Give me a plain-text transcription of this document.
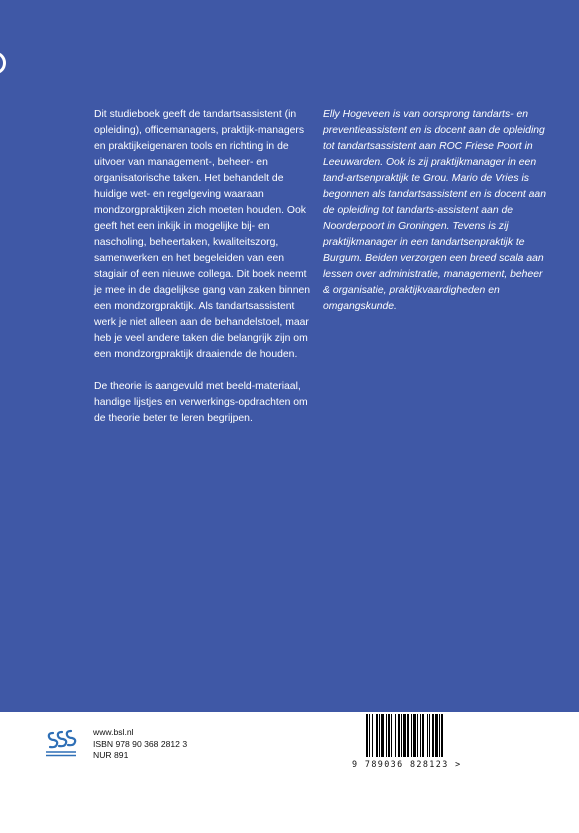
Dit studieboek geeft de tandartsassistent (in opleiding), officemanagers, praktijk-managers en praktijkeigenaren tools en richting in de uitvoer van management-, beheer- en organisatorische taken. Het behandelt de huidige wet- en regelgeving waaraan mondzorgpraktijken zich moeten houden. Ook geeft het een inkijk in mogelijke bij- en nascholing, beheertaken, kwaliteitszorg, samenwerken en het begeleiden van een stagiair of een nieuwe collega. Dit boek neemt je mee in de dagelijkse gang van zaken binnen een mondzorgpraktijk. Als tandartsassistent werk je niet alleen aan de behandelstoel, maar heb je veel andere taken die belangrijk zijn om een mondzorgpraktijk draaiende de houden.

De theorie is aangevuld met beeld-materiaal, handige lijstjes en verwerkings-opdrachten om de theorie beter te leren begrijpen.

Elly Hogeveen is van oorsprong tandarts- en preventieassistent en is docent aan de opleiding tot tandartsassistent aan ROC Friese Poort in Leeuwarden. Ook is zij praktijkmanager in een tand-artsenpraktijk te Grou. Mario de Vries is begonnen als tandartsassistent en is docent aan de opleiding tot tandarts-assistent aan de Noorderpoort in Groningen. Tevens is zij praktijkmanager in een tandartsenpraktijk te Burgum. Beiden verzorgen een breed scala aan lessen over administratie, management, beheer & organisatie, praktijkvaardigheden en omgangskunde.

www.bsl.nl
ISBN 978 90 368 2812 3
NUR 891
9 789036 828123 >
